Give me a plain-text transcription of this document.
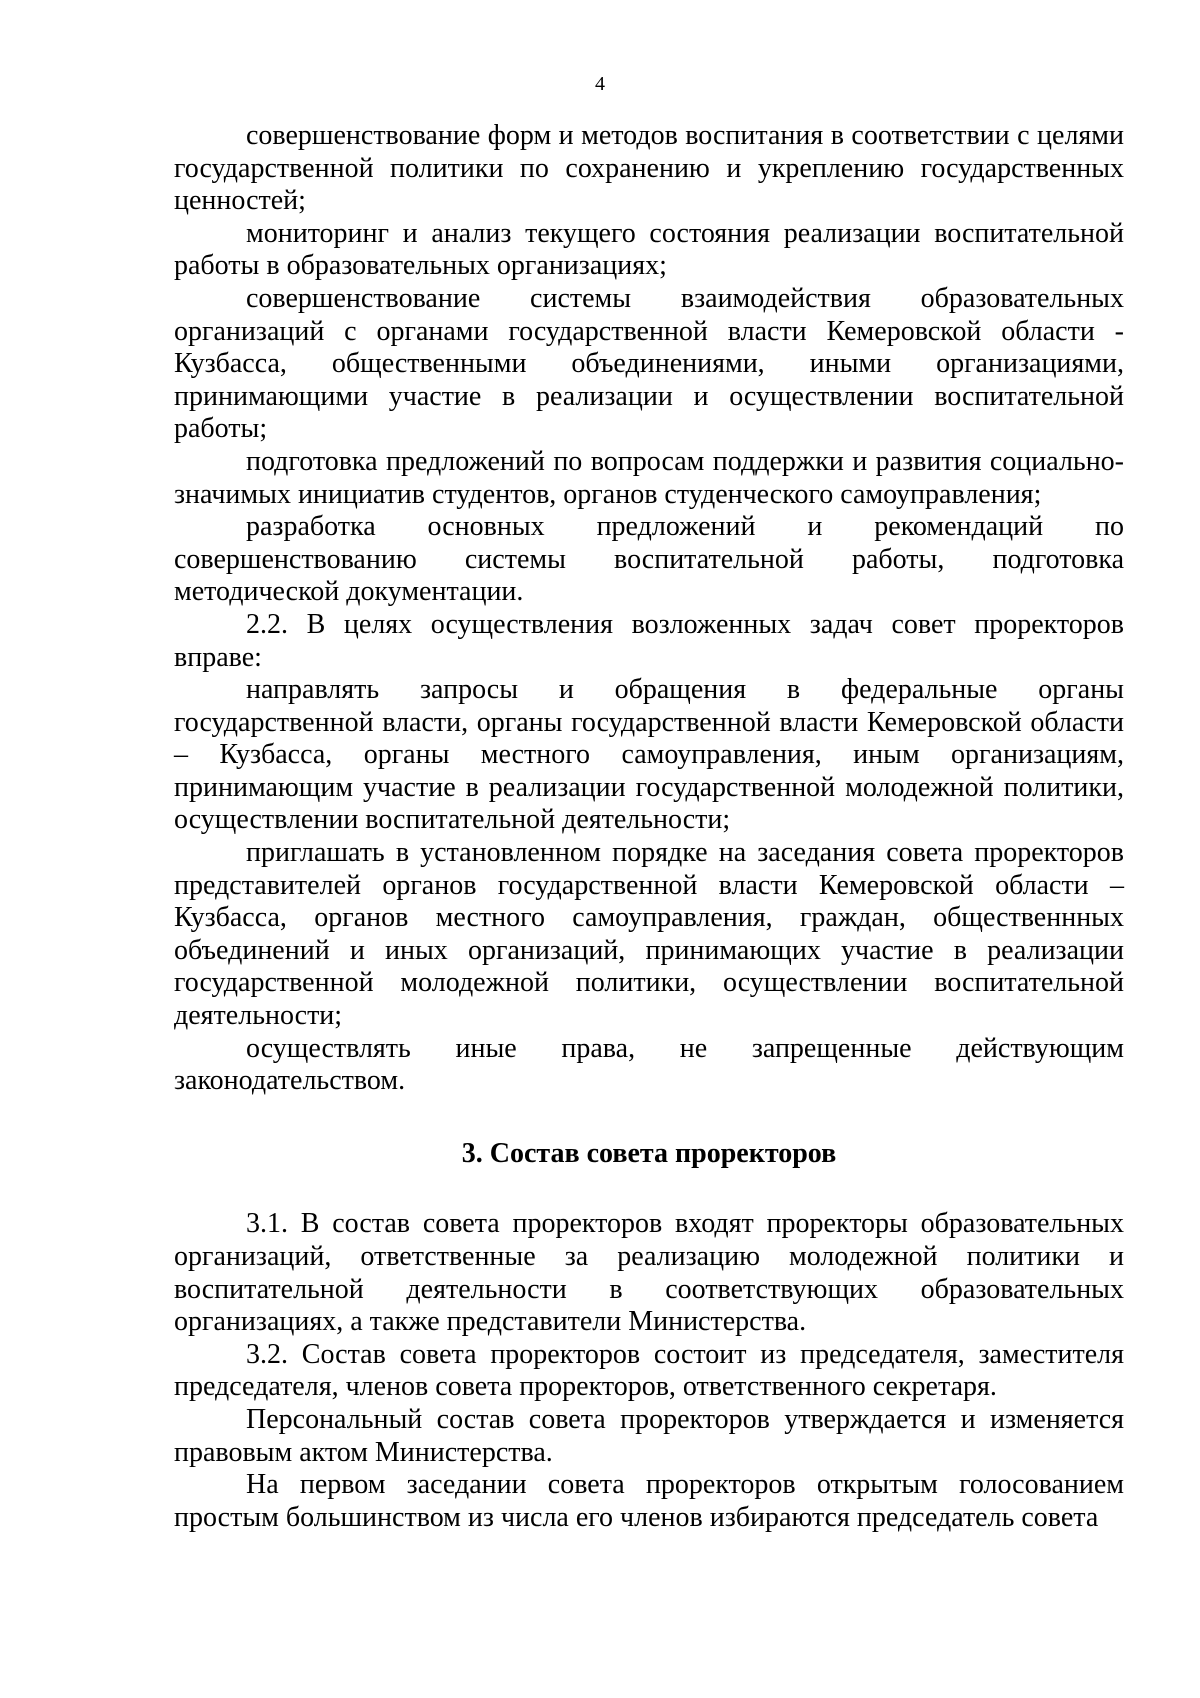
4

совершенствование форм и методов воспитания в соответствии с целями государственной политики по сохранению и укреплению государственных ценностей;

мониторинг и анализ текущего состояния реализации воспитательной работы в образовательных организациях;

совершенствование системы взаимодействия образовательных организаций с органами государственной власти Кемеровской области - Кузбасса, общественными объединениями, иными организациями, принимающими участие в реализации и осуществлении воспитательной работы;

подготовка предложений по вопросам поддержки и развития социально- значимых инициатив студентов, органов студенческого самоуправления;

разработка основных предложений и рекомендаций по совершенствованию системы воспитательной работы, подготовка методической документации.

2.2. В целях осуществления возложенных задач совет проректоров вправе:

направлять запросы и обращения в федеральные органы государственной власти, органы государственной власти Кемеровской области – Кузбасса, органы местного самоуправления, иным организациям, принимающим участие в реализации государственной молодежной политики, осуществлении воспитательной деятельности;

приглашать в установленном порядке на заседания совета проректоров представителей органов государственной власти Кемеровской области – Кузбасса, органов местного самоуправления, граждан, общественнных объединений и иных организаций, принимающих участие в реализации государственной молодежной политики, осуществлении воспитательной деятельности;

осуществлять иные права, не запрещенные действующим законодательством.

3. Состав совета проректоров

3.1. В состав совета проректоров входят проректоры образовательных организаций, ответственные за реализацию молодежной политики и воспитательной деятельности в соответствующих образовательных организациях, а также представители Министерства.

3.2. Состав совета проректоров состоит из председателя, заместителя председателя, членов совета проректоров, ответственного секретаря.

Персональный состав совета проректоров утверждается и изменяется правовым актом Министерства.

На первом заседании совета проректоров открытым голосованием простым большинством из числа его членов избираются председатель совета
